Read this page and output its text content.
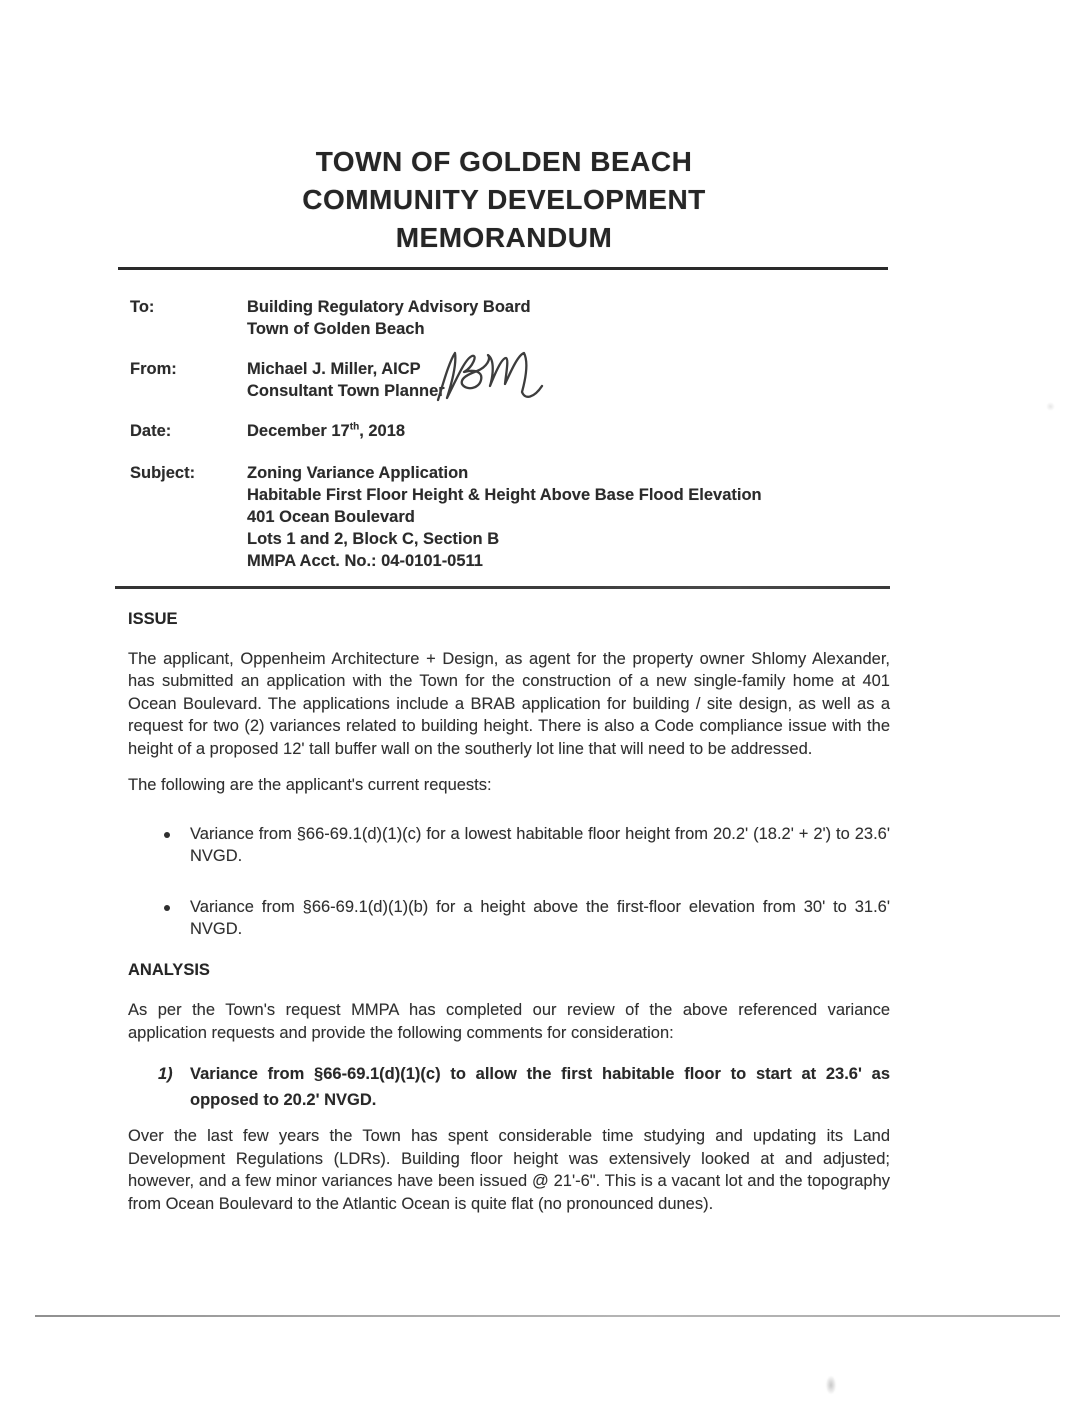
TOWN OF GOLDEN BEACH
COMMUNITY DEVELOPMENT
MEMORANDUM
To:	Building Regulatory Advisory Board
Town of Golden Beach
From:	Michael J. Miller, AICP
Consultant Town Planner
Date:	December 17th, 2018
Subject:	Zoning Variance Application
Habitable First Floor Height & Height Above Base Flood Elevation
401 Ocean Boulevard
Lots 1 and 2, Block C, Section B
MMPA Acct. No.: 04-0101-0511
ISSUE

The applicant, Oppenheim Architecture + Design, as agent for the property owner Shlomy Alexander, has submitted an application with the Town for the construction of a new single-family home at 401 Ocean Boulevard. The applications include a BRAB application for building / site design, as well as a request for two (2) variances related to building height. There is also a Code compliance issue with the height of a proposed 12' tall buffer wall on the southerly lot line that will need to be addressed.

The following are the applicant's current requests:

Variance from §66-69.1(d)(1)(c) for a lowest habitable floor height from 20.2' (18.2' + 2') to 23.6' NVGD.
Variance from §66-69.1(d)(1)(b) for a height above the first-floor elevation from 30' to 31.6' NVGD.
ANALYSIS

As per the Town's request MMPA has completed our review of the above referenced variance application requests and provide the following comments for consideration:

1) Variance from §66-69.1(d)(1)(c) to allow the first habitable floor to start at 23.6' as opposed to 20.2' NVGD.

Over the last few years the Town has spent considerable time studying and updating its Land Development Regulations (LDRs). Building floor height was extensively looked at and adjusted; however, and a few minor variances have been issued @ 21'-6". This is a vacant lot and the topography from Ocean Boulevard to the Atlantic Ocean is quite flat (no pronounced dunes).
